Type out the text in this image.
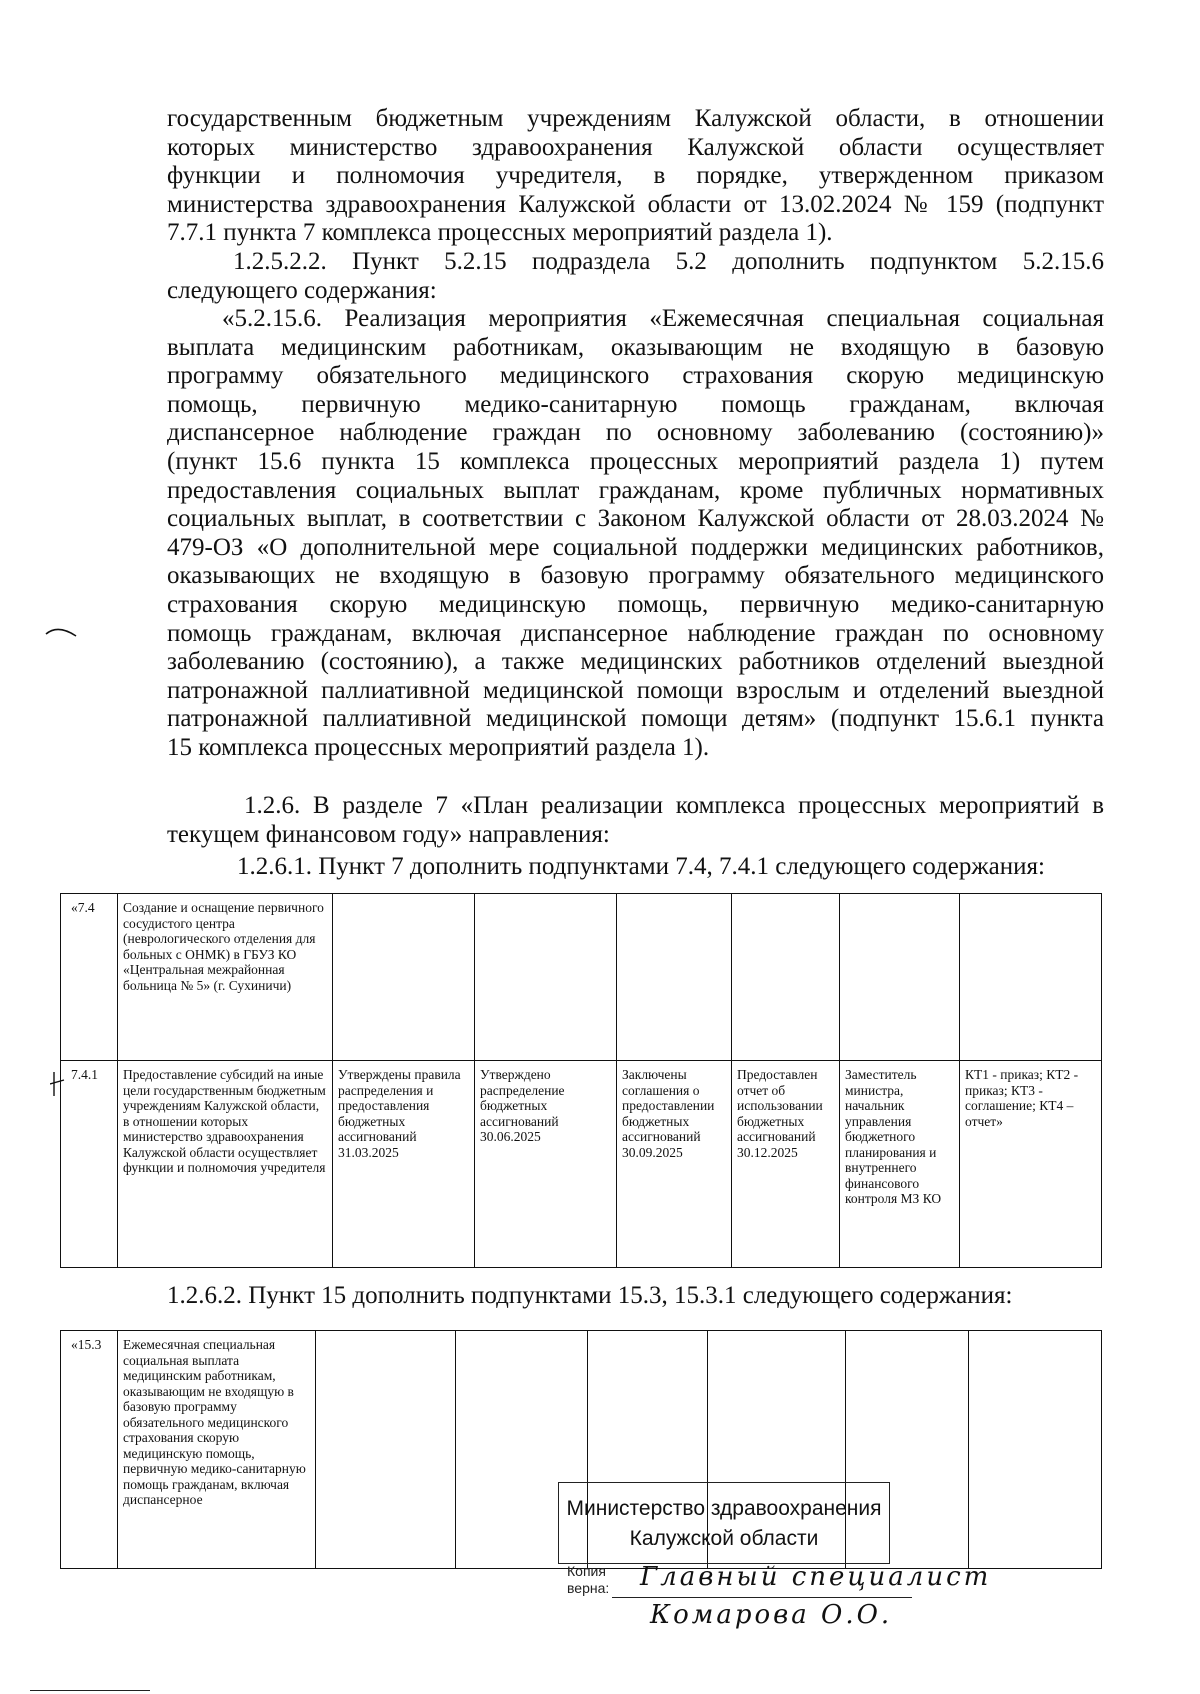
государственным бюджетным учреждениям Калужской области, в отношении
которых министерство здравоохранения Калужской области осуществляет
функции и полномочия учредителя, в порядке, утвержденном приказом
министерства здравоохранения Калужской области от 13.02.2024 № 159 (подпункт
7.7.1 пункта 7 комплекса процессных мероприятий раздела 1).
1.2.5.2.2. Пункт 5.2.15 подраздела 5.2 дополнить подпунктом 5.2.15.6
следующего содержания:
«5.2.15.6. Реализация мероприятия «Ежемесячная специальная социальная
выплата медицинским работникам, оказывающим не входящую в базовую
программу обязательного медицинского страхования скорую медицинскую
помощь, первичную медико-санитарную помощь гражданам, включая
диспансерное наблюдение граждан по основному заболеванию (состоянию)»
(пункт 15.6 пункта 15 комплекса процессных мероприятий раздела 1) путем
предоставления социальных выплат гражданам, кроме публичных нормативных
социальных выплат, в соответствии с Законом Калужской области от 28.03.2024 №
479-ОЗ «О дополнительной мере социальной поддержки медицинских работников,
оказывающих не входящую в базовую программу обязательного медицинского
страхования скорую медицинскую помощь, первичную медико-санитарную
помощь гражданам, включая диспансерное наблюдение граждан по основному
заболеванию (состоянию), а также медицинских работников отделений выездной
патронажной паллиативной медицинской помощи взрослым и отделений выездной
патронажной паллиативной медицинской помощи детям» (подпункт 15.6.1 пункта
15 комплекса процессных мероприятий раздела 1).
1.2.6. В разделе 7 «План реализации комплекса процессных мероприятий в
текущем финансовом году» направления:
1.2.6.1. Пункт 7 дополнить подпунктами 7.4, 7.4.1 следующего содержания:
1.2.6.2. Пункт 15 дополнить подпунктами 15.3, 15.3.1 следующего содержания:
«7.4	Создание и оснащение первичного сосудистого центра (неврологического отделения для больных с ОНМК) в ГБУЗ КО «Центральная межрайонная больница № 5» (г. Сухиничи)						
7.4.1	Предоставление субсидий на иные цели государственным бюджетным учреждениям Калужской области, в отношении которых министерство здравоохранения Калужской области осуществляет функции и полномочия учредителя	Утверждены правила распределения и предоставления бюджетных ассигнований 31.03.2025	Утверждено распределение бюджетных ассигнований 30.06.2025	Заключены соглашения о предоставлении бюджетных ассигнований 30.09.2025	Предоставлен отчет об использовании бюджетных ассигнований 30.12.2025	Заместитель министра, начальник управления бюджетного планирования и внутреннего финансового контроля МЗ КО	КТ1 - приказ; КТ2 - приказ; КТ3 - соглашение; КТ4 – отчет»
«15.3	Ежемесячная специальная социальная выплата медицинским работникам, оказывающим не входящую в базовую программу обязательного медицинского страхования скорую медицинскую помощь, первичную медико-санитарную помощь гражданам, включая диспансерное							Министерство здравоохранения
Калужской области
Копия
верна: Главный специалист
Комарова О.О.
